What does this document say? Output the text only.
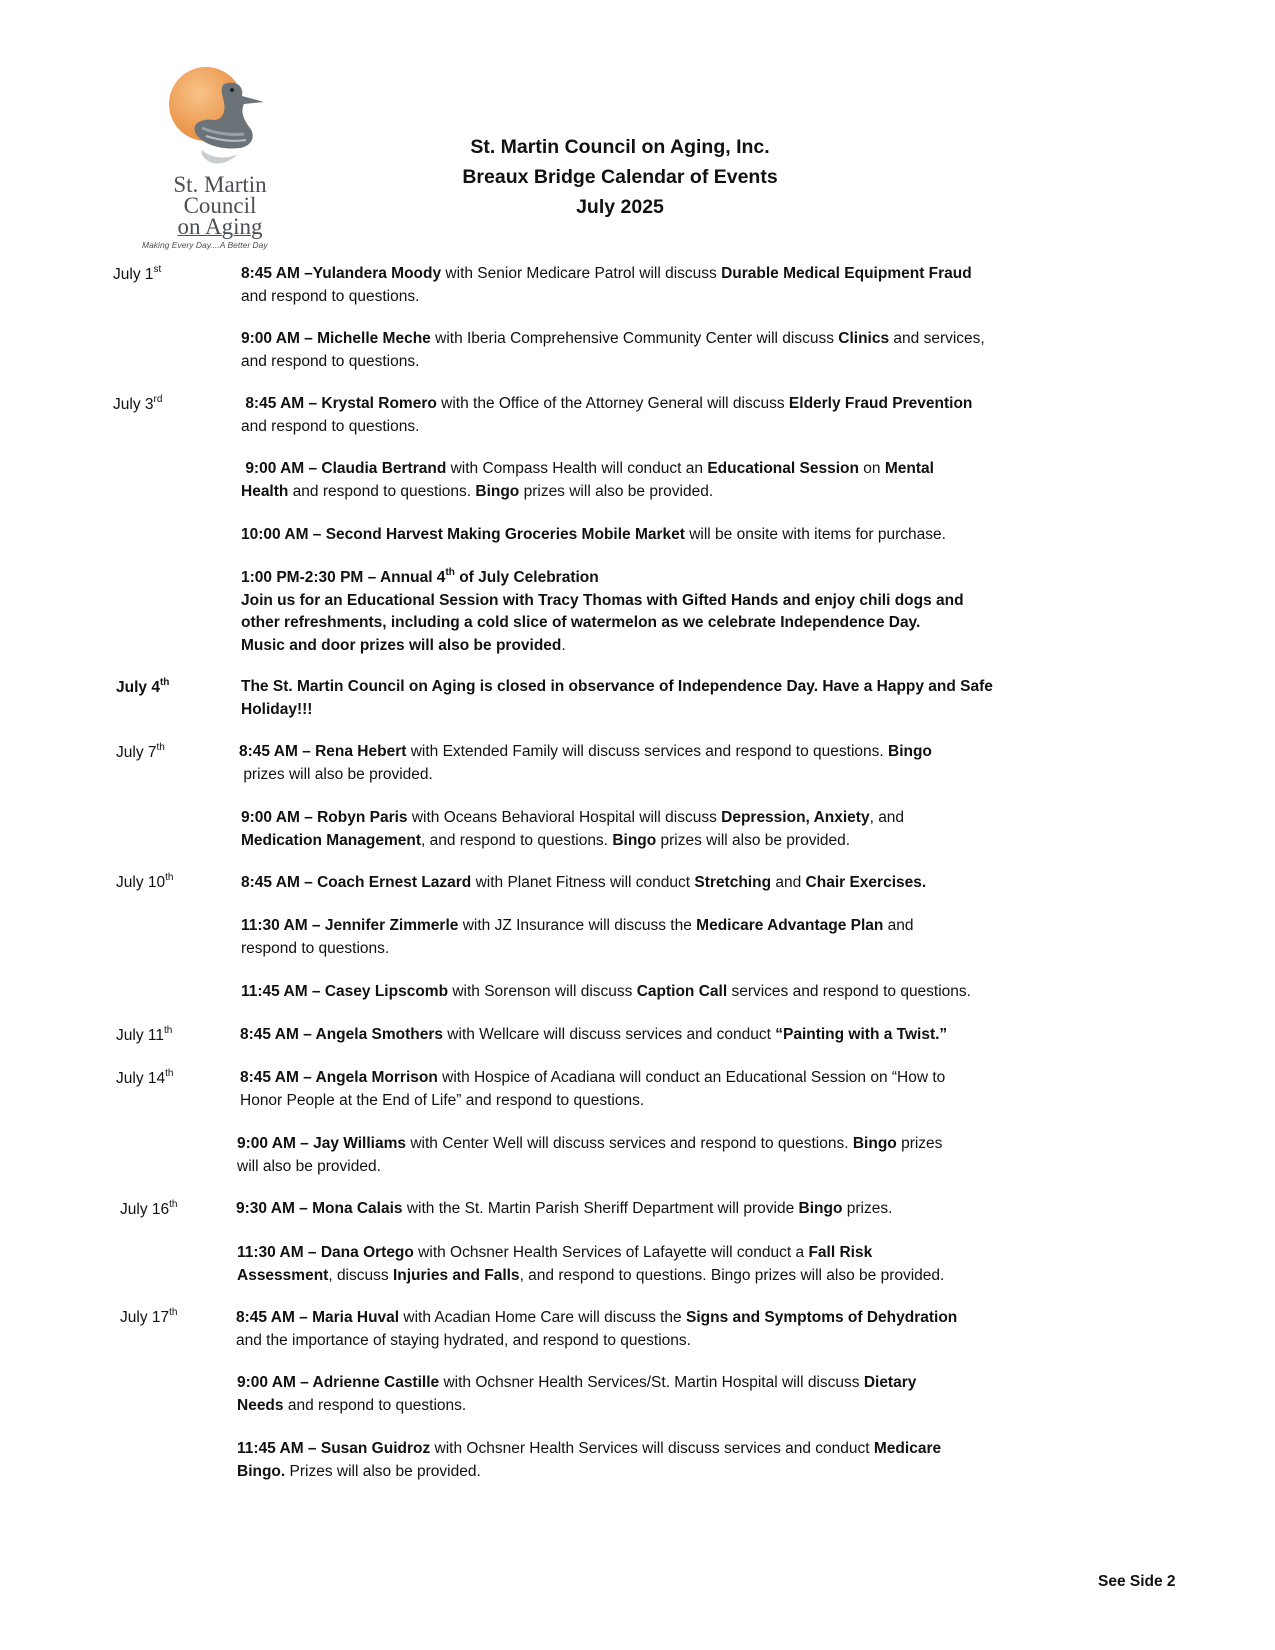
St. Martin
Council
on Aging
Making Every Day....A Better Day
St. Martin Council on Aging, Inc.
Breaux Bridge Calendar of Events
July 2025
July 1st	8:45 AM –Yulandera Moody with Senior Medicare Patrol will discuss Durable Medical Equipment Fraud
and respond to questions.
9:00 AM – Michelle Meche with Iberia Comprehensive Community Center will discuss Clinics and services,
and respond to questions.
July 3rd	8:45 AM – Krystal Romero with the Office of the Attorney General will discuss Elderly Fraud Prevention
and respond to questions.
9:00 AM – Claudia Bertrand with Compass Health will conduct an Educational Session on Mental
Health and respond to questions. Bingo prizes will also be provided.
10:00 AM – Second Harvest Making Groceries Mobile Market will be onsite with items for purchase.
1:00 PM-2:30 PM – Annual 4th of July Celebration
Join us for an Educational Session with Tracy Thomas with Gifted Hands and enjoy chili dogs and
other refreshments, including a cold slice of watermelon as we celebrate Independence Day.
Music and door prizes will also be provided.
July 4th	The St. Martin Council on Aging is closed in observance of Independence Day. Have a Happy and Safe
Holiday!!!
July 7th	8:45 AM – Rena Hebert with Extended Family will discuss services and respond to questions. Bingo
prizes will also be provided.
9:00 AM – Robyn Paris with Oceans Behavioral Hospital will discuss Depression, Anxiety, and
Medication Management, and respond to questions. Bingo prizes will also be provided.
July 10th	8:45 AM – Coach Ernest Lazard with Planet Fitness will conduct Stretching and Chair Exercises.
11:30 AM – Jennifer Zimmerle with JZ Insurance will discuss the Medicare Advantage Plan and
respond to questions.
11:45 AM – Casey Lipscomb with Sorenson will discuss Caption Call services and respond to questions.
July 11th	8:45 AM – Angela Smothers with Wellcare will discuss services and conduct “Painting with a Twist.”
July 14th	8:45 AM – Angela Morrison with Hospice of Acadiana will conduct an Educational Session on “How to
Honor People at the End of Life” and respond to questions.
9:00 AM – Jay Williams with Center Well will discuss services and respond to questions. Bingo prizes
will also be provided.
July 16th	9:30 AM – Mona Calais with the St. Martin Parish Sheriff Department will provide Bingo prizes.
11:30 AM – Dana Ortego with Ochsner Health Services of Lafayette will conduct a Fall Risk
Assessment, discuss Injuries and Falls, and respond to questions. Bingo prizes will also be provided.
July 17th	8:45 AM – Maria Huval with Acadian Home Care will discuss the Signs and Symptoms of Dehydration
and the importance of staying hydrated, and respond to questions.
9:00 AM – Adrienne Castille with Ochsner Health Services/St. Martin Hospital will discuss Dietary
Needs and respond to questions.
11:45 AM – Susan Guidroz with Ochsner Health Services will discuss services and conduct Medicare
Bingo. Prizes will also be provided.
See Side 2
